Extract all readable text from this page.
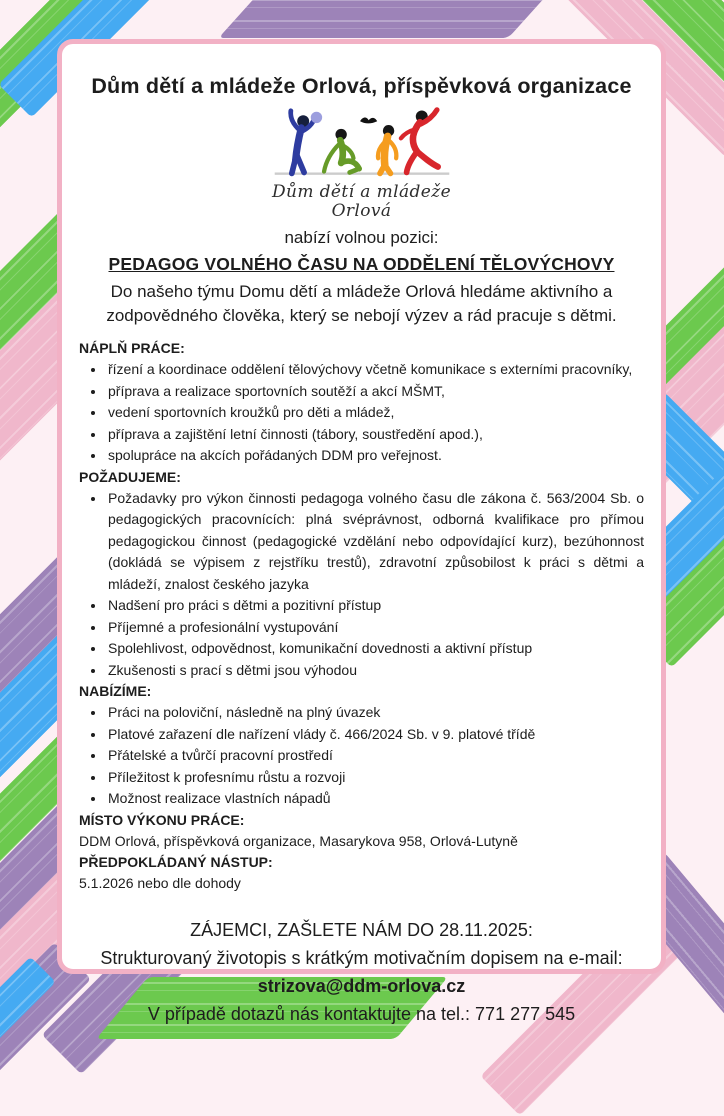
Dům dětí a mládeže Orlová, příspěvková organizace
Dům dětí a mládeže
Orlová
nabízí volnou pozici:
PEDAGOG VOLNÉHO ČASU NA ODDĚLENÍ TĚLOVÝCHOVY
Do našeho týmu Domu dětí a mládeže Orlová hledáme aktivního a zodpovědného člověka, který se nebojí výzev a rád pracuje s dětmi.
NÁPLŇ PRÁCE:
• řízení a koordinace oddělení tělovýchovy včetně komunikace s externími pracovníky,
• příprava a realizace sportovních soutěží a akcí MŠMT,
• vedení sportovních kroužků pro děti a mládež,
• příprava a zajištění letní činnosti (tábory, soustředění apod.),
• spolupráce na akcích pořádaných DDM pro veřejnost.
POŽADUJEME:
• Požadavky pro výkon činnosti pedagoga volného času dle zákona č. 563/2004 Sb. o pedagogických pracovnících: plná svéprávnost, odborná kvalifikace pro přímou pedagogickou činnost (pedagogické vzdělání nebo odpovídající kurz), bezúhonnost (dokládá se výpisem z rejstříku trestů), zdravotní způsobilost k práci s dětmi a mládeží, znalost českého jazyka
• Nadšení pro práci s dětmi a pozitivní přístup
• Příjemné a profesionální vystupování
• Spolehlivost, odpovědnost, komunikační dovednosti a aktivní přístup
• Zkušenosti s prací s dětmi jsou výhodou
NABÍZÍME:
• Práci na poloviční, následně na plný úvazek
• Platové zařazení dle nařízení vlády č. 466/2024 Sb. v 9. platové třídě
• Přátelské a tvůrčí pracovní prostředí
• Příležitost k profesnímu růstu a rozvoji
• Možnost realizace vlastních nápadů
MÍSTO VÝKONU PRÁCE:
DDM Orlová, příspěvková organizace, Masarykova 958, Orlová-Lutyně
PŘEDPOKLÁDANÝ NÁSTUP:
5.1.2026 nebo dle dohody
ZÁJEMCI, ZAŠLETE NÁM DO 28.11.2025:
Strukturovaný životopis s krátkým motivačním dopisem na e-mail:
strizova@ddm-orlova.cz
V případě dotazů nás kontaktujte na tel.: 771 277 545
